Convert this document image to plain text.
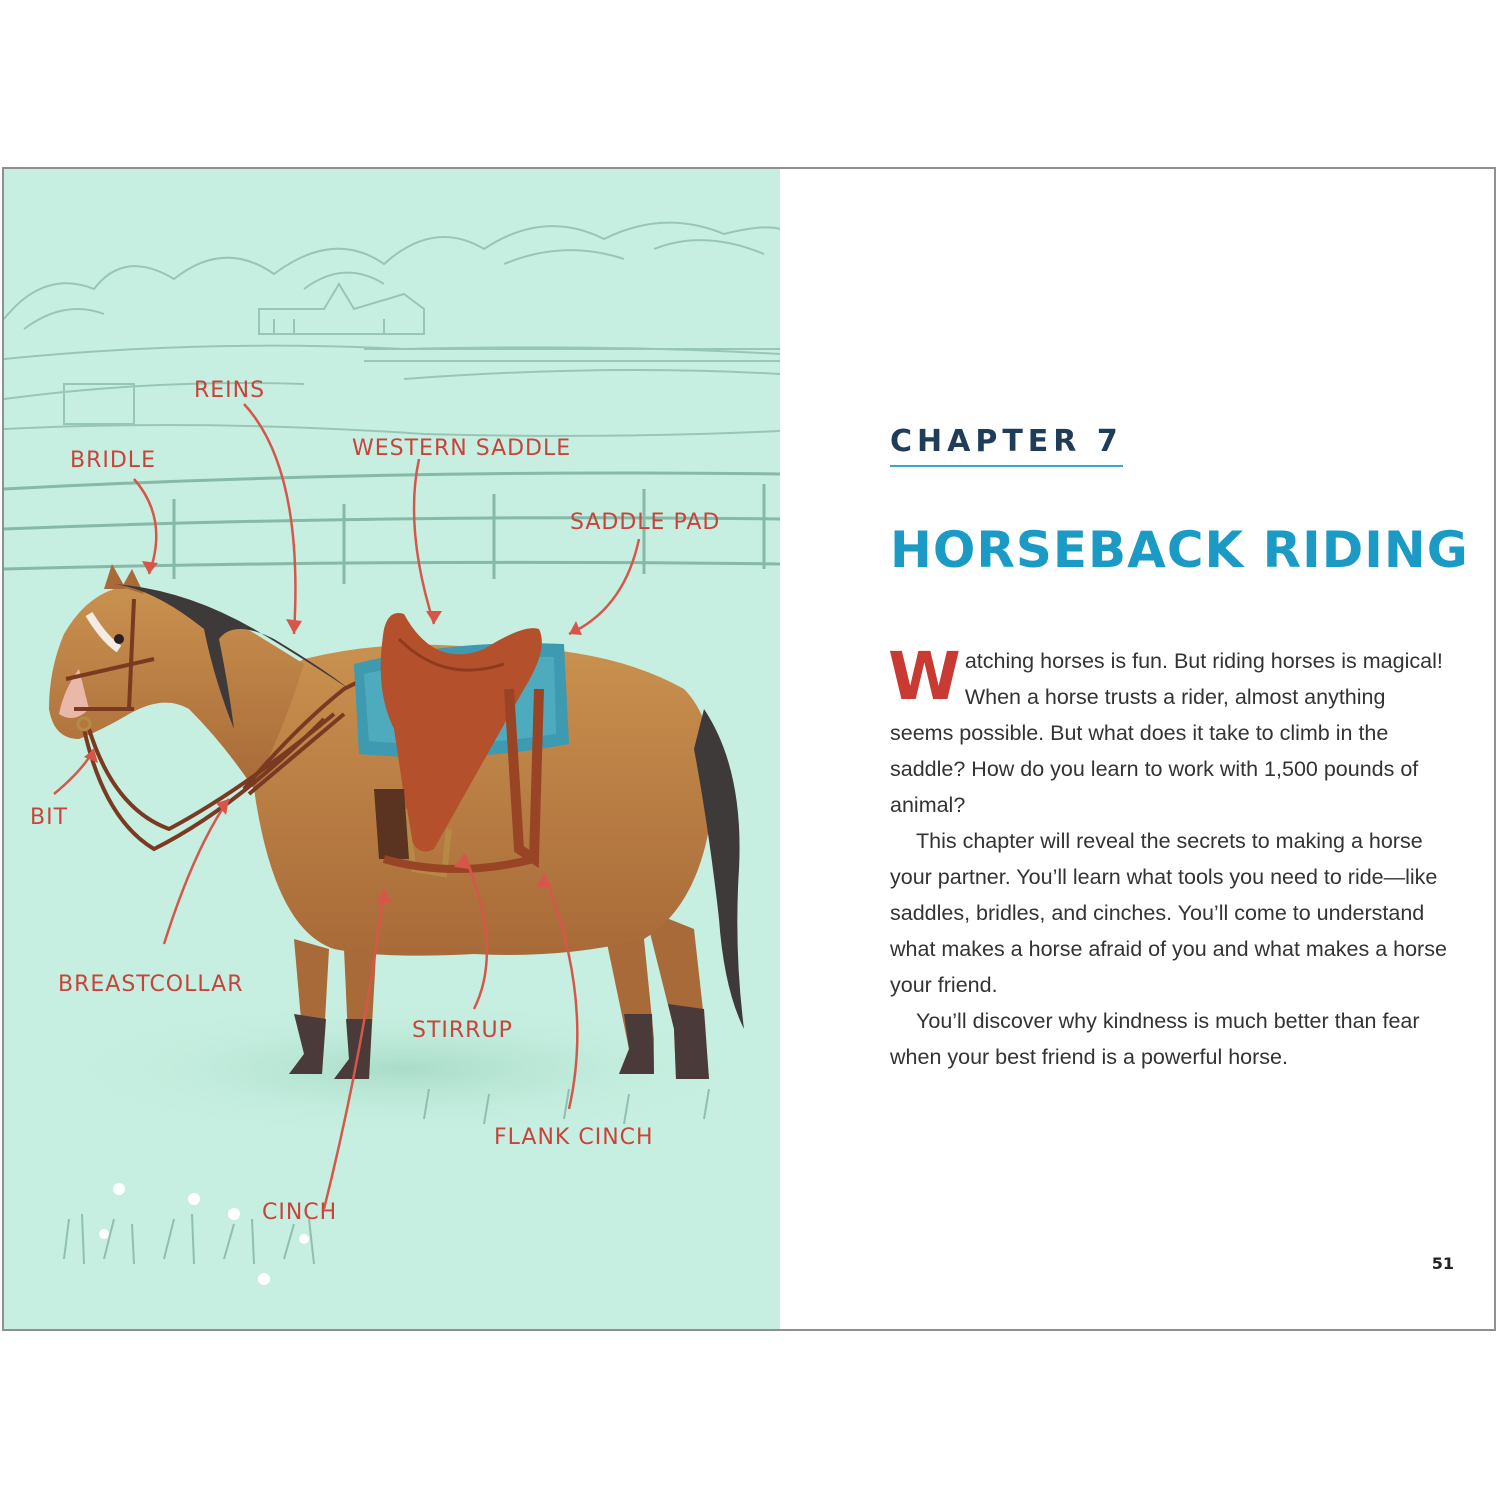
REINS
BRIDLE	WESTERN SADDLE
SADDLE PAD
BIT
BREASTCOLLAR
STIRRUP
FLANK CINCH
CINCH
CHAPTER 7
HORSEBACK RIDING

Watching horses is fun. But riding horses is magical! When a horse trusts a rider, almost anything seems possible. But what does it take to climb in the saddle? How do you learn to work with 1,500 pounds of animal?

This chapter will reveal the secrets to making a horse your partner. You’ll learn what tools you need to ride—like saddles, bridles, and cinches. You’ll come to understand what makes a horse afraid of you and what makes a horse your friend.

You’ll discover why kindness is much better than fear when your best friend is a powerful horse.

51
